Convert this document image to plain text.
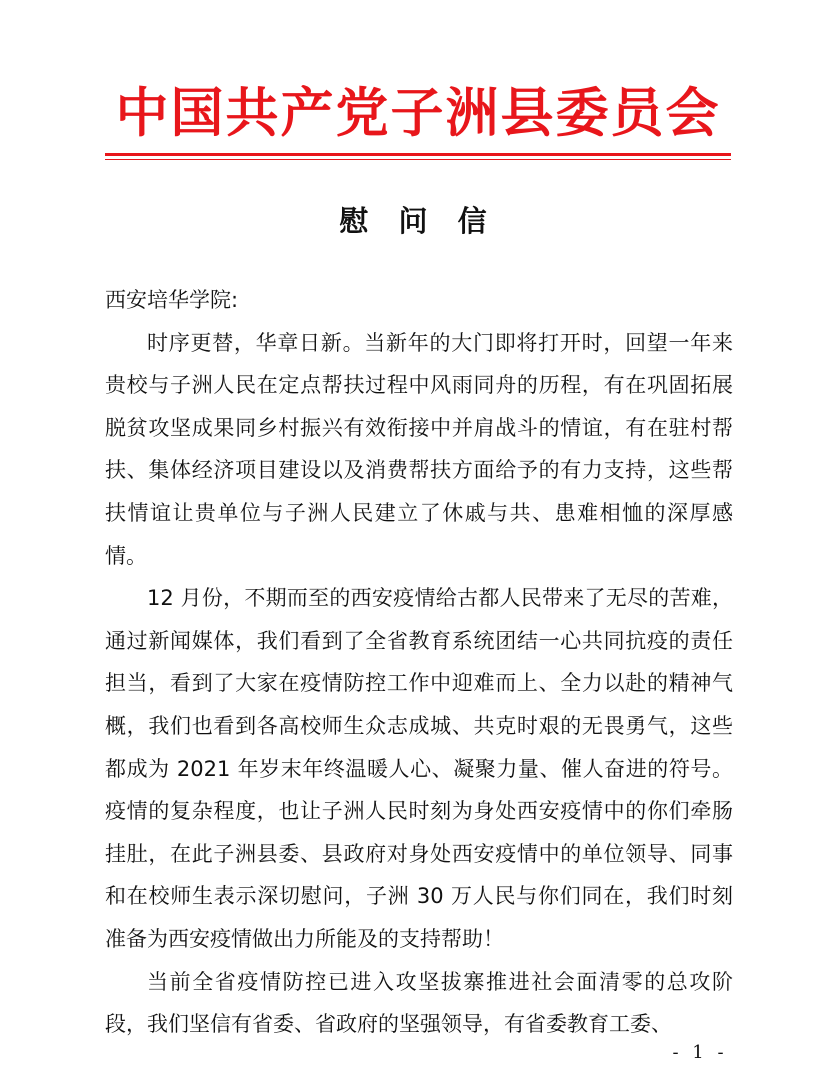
中国共产党子洲县委员会
慰 问 信

西安培华学院:

时序更替，华章日新。当新年的大门即将打开时，回望一年来贵校与子洲人民在定点帮扶过程中风雨同舟的历程，有在巩固拓展脱贫攻坚成果同乡村振兴有效衔接中并肩战斗的情谊，有在驻村帮扶、集体经济项目建设以及消费帮扶方面给予的有力支持，这些帮扶情谊让贵单位与子洲人民建立了休戚与共、患难相恤的深厚感情。

12 月份，不期而至的西安疫情给古都人民带来了无尽的苦难，通过新闻媒体，我们看到了全省教育系统团结一心共同抗疫的责任担当，看到了大家在疫情防控工作中迎难而上、全力以赴的精神气概，我们也看到各高校师生众志成城、共克时艰的无畏勇气，这些都成为 2021 年岁末年终温暖人心、凝聚力量、催人奋进的符号。疫情的复杂程度，也让子洲人民时刻为身处西安疫情中的你们牵肠挂肚，在此子洲县委、县政府对身处西安疫情中的单位领导、同事和在校师生表示深切慰问，子洲 30 万人民与你们同在，我们时刻准备为西安疫情做出力所能及的支持帮助！

当前全省疫情防控已进入攻坚拔寨推进社会面清零的总攻阶段，我们坚信有省委、省政府的坚强领导，有省委教育工委、

- 1 -
